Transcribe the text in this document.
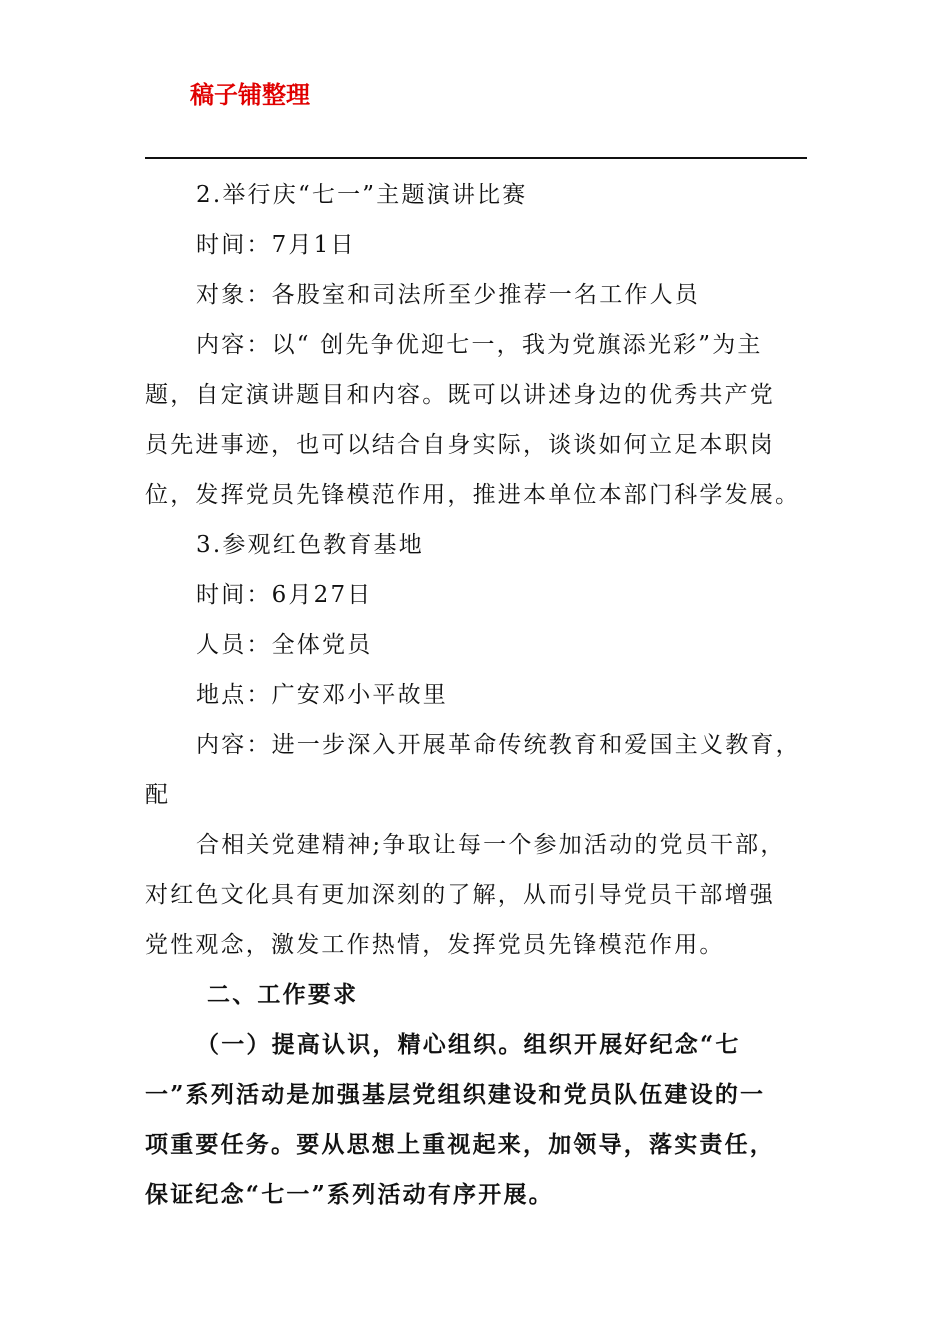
稿子铺整理
2.举行庆“七一”主题演讲比赛
时间：7月1日
对象：各股室和司法所至少推荐一名工作人员
内容：以“ 创先争优迎七一，我为党旗添光彩”为主
题，自定演讲题目和内容。既可以讲述身边的优秀共产党
员先进事迹，也可以结合自身实际，谈谈如何立足本职岗
位，发挥党员先锋模范作用，推进本单位本部门科学发展。
3.参观红色教育基地
时间：6月27日
人员：全体党员
地点：广安邓小平故里
内容：进一步深入开展革命传统教育和爱国主义教育，
配
合相关党建精神;争取让每一个参加活动的党员干部，
对红色文化具有更加深刻的了解，从而引导党员干部增强
党性观念，激发工作热情，发挥党员先锋模范作用。
二、工作要求
（一）提高认识，精心组织。组织开展好纪念“七
一”系列活动是加强基层党组织建设和党员队伍建设的一
项重要任务。要从思想上重视起来，加领导，落实责任，
保证纪念“七一”系列活动有序开展。
